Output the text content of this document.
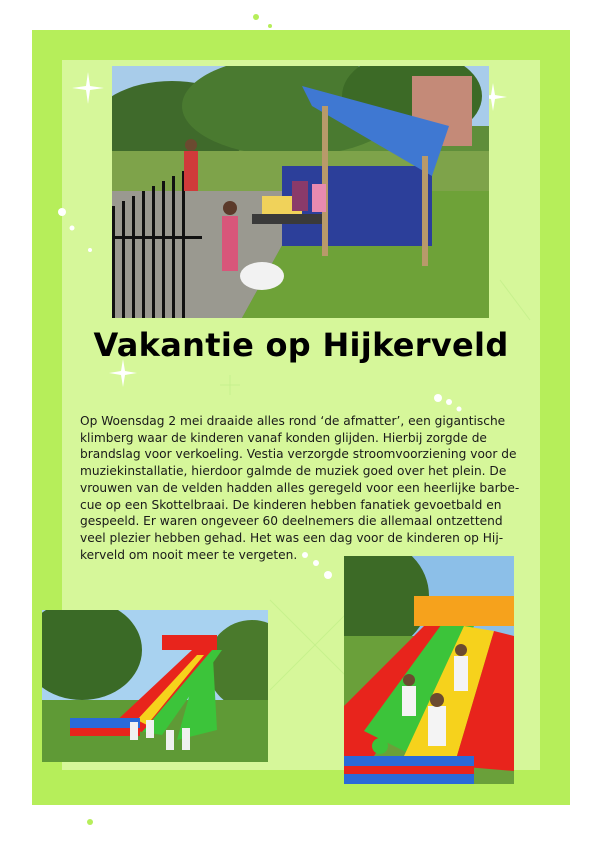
Vakantie op Hijkerveld

Op Woensdag 2 mei draaide alles rond ‘de afmatter’, een gigantische
klimberg waar de kinderen vanaf konden glijden. Hierbij zorgde de
brandslag voor verkoeling. Vestia verzorgde stroomvoorziening voor de
muziekinstallatie, hierdoor galmde de muziek goed over het plein. De
vrouwen van de velden hadden alles geregeld voor een heerlijke barbe-
cue op een Skottelbraai. De kinderen hebben fanatiek gevoetbald en
gespeeld. Er waren ongeveer 60 deelnemers die allemaal ontzettend
veel plezier hebben gehad. Het was een dag voor de kinderen op Hij-
kerveld om nooit meer te vergeten.
